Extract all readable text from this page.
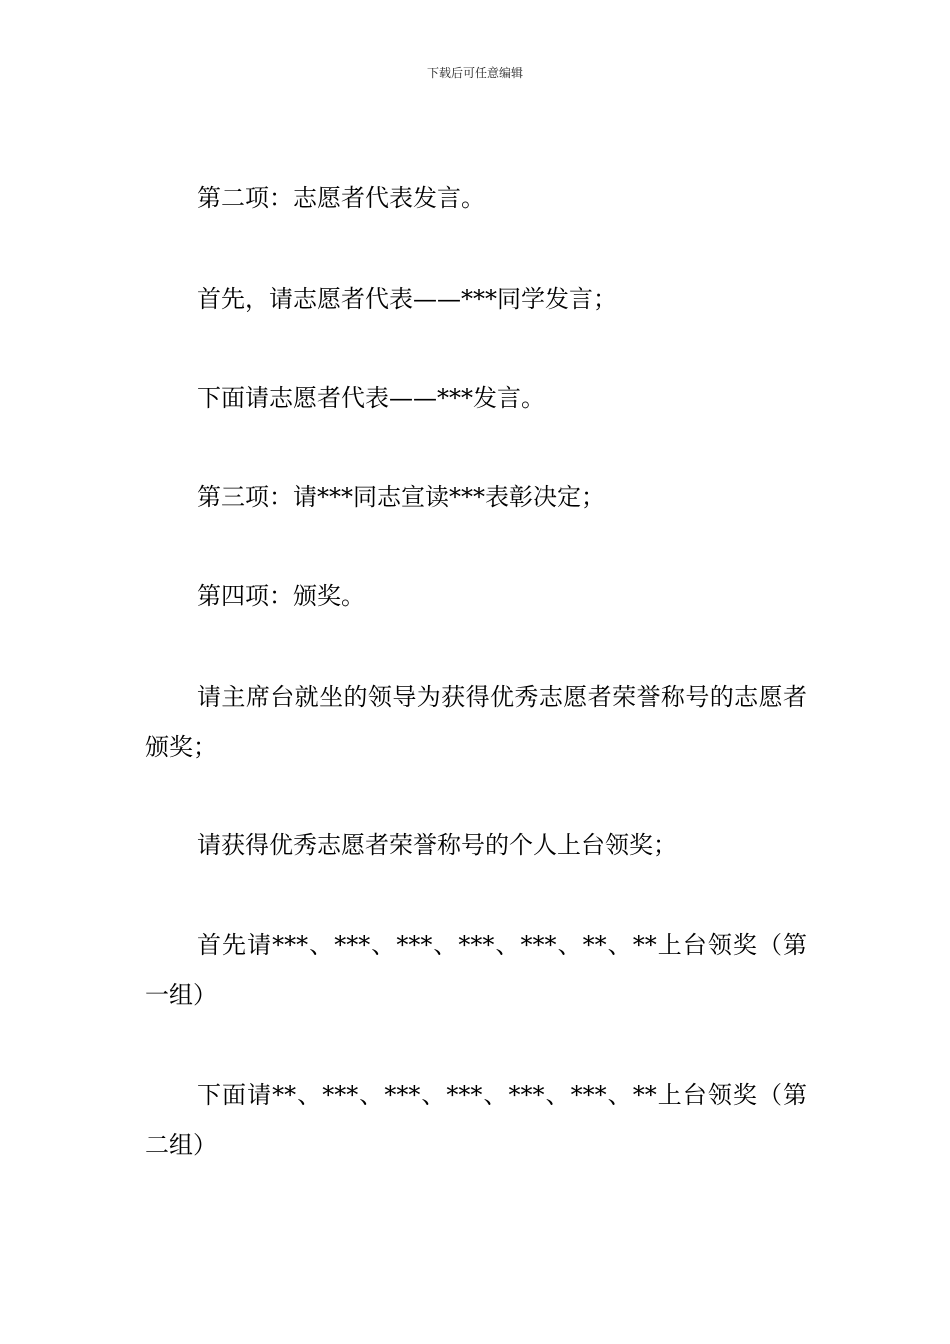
下载后可任意编辑

第二项：志愿者代表发言。

首先，请志愿者代表——***同学发言；

下面请志愿者代表——***发言。

第三项：请***同志宣读***表彰决定；

第四项：颁奖。

请主席台就坐的领导为获得优秀志愿者荣誉称号的志愿者颁奖；

请获得优秀志愿者荣誉称号的个人上台领奖；

首先请***、***、***、***、***、**、**上台领奖（第一组）

下面请**、***、***、***、***、***、**上台领奖（第二组）
